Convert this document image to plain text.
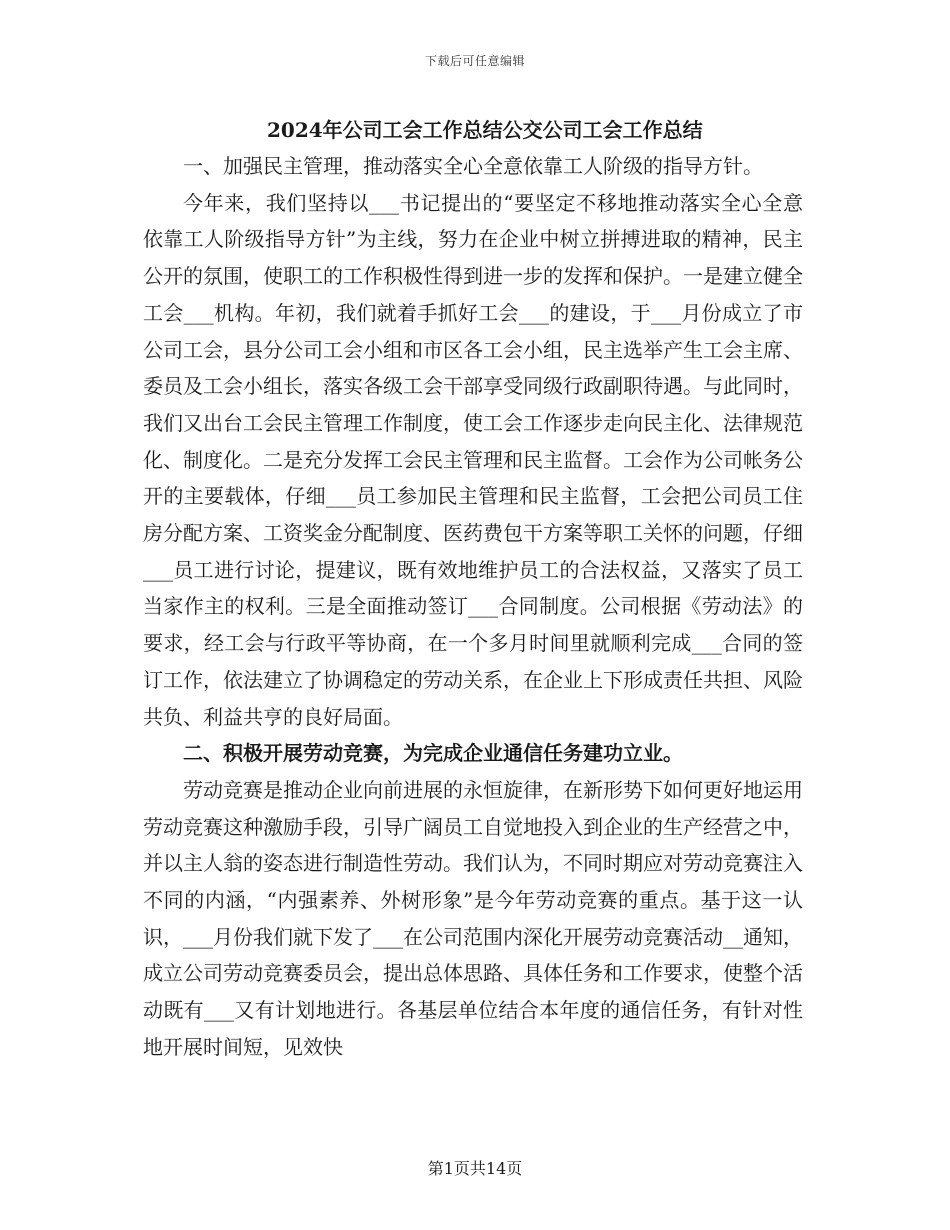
下载后可任意编辑
2024年公司工会工作总结公交公司工会工作总结

一、加强民主管理，推动落实全心全意依靠工人阶级的指导方针。

今年来，我们坚持以___书记提出的“要坚定不移地推动落实全心全意依靠工人阶级指导方针”为主线，努力在企业中树立拼搏进取的精神，民主公开的氛围，使职工的工作积极性得到进一步的发挥和保护。一是建立健全工会___机构。年初，我们就着手抓好工会___的建设，于___月份成立了市公司工会，县分公司工会小组和市区各工会小组，民主选举产生工会主席、委员及工会小组长，落实各级工会干部享受同级行政副职待遇。与此同时，我们又出台工会民主管理工作制度，使工会工作逐步走向民主化、法律规范化、制度化。二是充分发挥工会民主管理和民主监督。工会作为公司帐务公开的主要载体，仔细___员工参加民主管理和民主监督，工会把公司员工住房分配方案、工资奖金分配制度、医药费包干方案等职工关怀的问题，仔细___员工进行讨论，提建议，既有效地维护员工的合法权益，又落实了员工当家作主的权利。三是全面推动签订___合同制度。公司根据《劳动法》的要求，经工会与行政平等协商，在一个多月时间里就顺利完成___合同的签订工作，依法建立了协调稳定的劳动关系，在企业上下形成责任共担、风险共负、利益共亨的良好局面。

二、积极开展劳动竞赛，为完成企业通信任务建功立业。

劳动竞赛是推动企业向前进展的永恒旋律，在新形势下如何更好地运用劳动竞赛这种激励手段，引导广阔员工自觉地投入到企业的生产经营之中，并以主人翁的姿态进行制造性劳动。我们认为，不同时期应对劳动竞赛注入不同的内涵，“内强素养、外树形象”是今年劳动竞赛的重点。基于这一认识，___月份我们就下发了___在公司范围内深化开展劳动竞赛活动__通知，成立公司劳动竞赛委员会，提出总体思路、具体任务和工作要求，使整个活动既有___又有计划地进行。各基层单位结合本年度的通信任务，有针对性地开展时间短，见效快

第1页共14页
